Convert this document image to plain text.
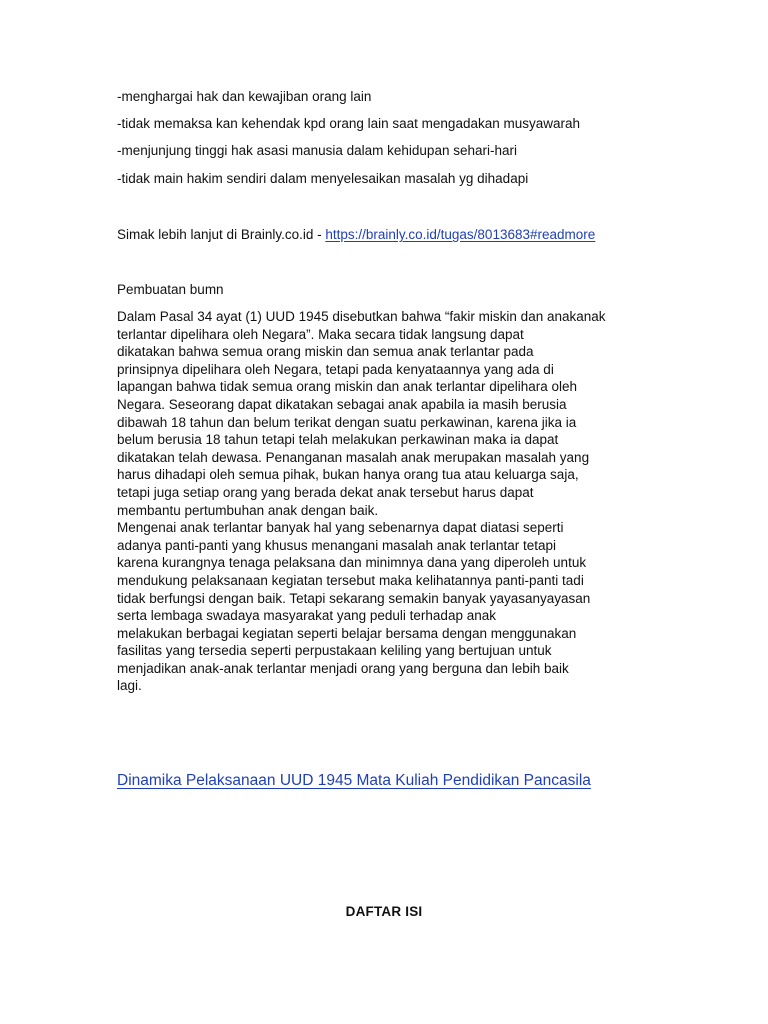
-menghargai hak dan kewajiban orang lain
-tidak memaksa kan kehendak kpd orang lain saat mengadakan musyawarah
-menjunjung tinggi hak asasi manusia dalam kehidupan sehari-hari
-tidak main hakim sendiri dalam menyelesaikan masalah yg dihadapi
Simak lebih lanjut di Brainly.co.id - https://brainly.co.id/tugas/8013683#readmore
Pembuatan bumn
Dalam Pasal 34 ayat (1) UUD 1945 disebutkan bahwa “fakir miskin dan anakanak
terlantar dipelihara oleh Negara”. Maka secara tidak langsung dapat
dikatakan bahwa semua orang miskin dan semua anak terlantar pada
prinsipnya dipelihara oleh Negara, tetapi pada kenyataannya yang ada di
lapangan bahwa tidak semua orang miskin dan anak terlantar dipelihara oleh
Negara. Seseorang dapat dikatakan sebagai anak apabila ia masih berusia
dibawah 18 tahun dan belum terikat dengan suatu perkawinan, karena jika ia
belum berusia 18 tahun tetapi telah melakukan perkawinan maka ia dapat
dikatakan telah dewasa. Penanganan masalah anak merupakan masalah yang
harus dihadapi oleh semua pihak, bukan hanya orang tua atau keluarga saja,
tetapi juga setiap orang yang berada dekat anak tersebut harus dapat
membantu pertumbuhan anak dengan baik.
Mengenai anak terlantar banyak hal yang sebenarnya dapat diatasi seperti
adanya panti-panti yang khusus menangani masalah anak terlantar tetapi
karena kurangnya tenaga pelaksana dan minimnya dana yang diperoleh untuk
mendukung pelaksanaan kegiatan tersebut maka kelihatannya panti-panti tadi
tidak berfungsi dengan baik. Tetapi sekarang semakin banyak yayasanyayasan
serta lembaga swadaya masyarakat yang peduli terhadap anak
melakukan berbagai kegiatan seperti belajar bersama dengan menggunakan
fasilitas yang tersedia seperti perpustakaan keliling yang bertujuan untuk
menjadikan anak-anak terlantar menjadi orang yang berguna dan lebih baik
lagi.
Dinamika Pelaksanaan UUD 1945 Mata Kuliah Pendidikan Pancasila
DAFTAR ISI
